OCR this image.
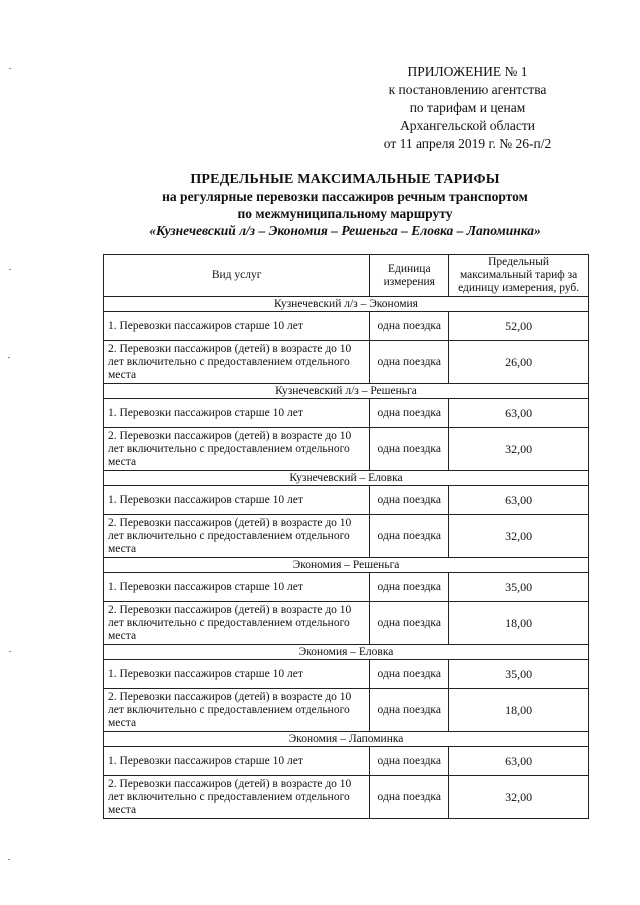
ПРИЛОЖЕНИЕ № 1
к постановлению агентства
по тарифам и ценам
Архангельской области
от 11 апреля 2019 г. № 26-п/2
ПРЕДЕЛЬНЫЕ МАКСИМАЛЬНЫЕ ТАРИФЫ
на регулярные перевозки пассажиров речным транспортом
по межмуниципальному маршруту
«Кузнечевский л/з – Экономия – Решеньга – Еловка – Лапоминка»
Вид услуг	Единица измерения	Предельный максимальный тариф за единицу измерения, руб.
Кузнечевский л/з – Экономия		
1. Перевозки пассажиров старше 10 лет	одна поездка	52,00
2. Перевозки пассажиров (детей) в возрасте до 10 лет включительно с предоставлением отдельного места	одна поездка	26,00
Кузнечевский л/з – Решеньга		
1. Перевозки пассажиров старше 10 лет	одна поездка	63,00
2. Перевозки пассажиров (детей) в возрасте до 10 лет включительно с предоставлением отдельного места	одна поездка	32,00
Кузнечевский – Еловка		
1. Перевозки пассажиров старше 10 лет	одна поездка	63,00
2. Перевозки пассажиров (детей) в возрасте до 10 лет включительно с предоставлением отдельного места	одна поездка	32,00
Экономия – Решеньга		
1. Перевозки пассажиров старше 10 лет	одна поездка	35,00
2. Перевозки пассажиров (детей) в возрасте до 10 лет включительно с предоставлением отдельного места	одна поездка	18,00
Экономия – Еловка		
1. Перевозки пассажиров старше 10 лет	одна поездка	35,00
2. Перевозки пассажиров (детей) в возрасте до 10 лет включительно с предоставлением отдельного места	одна поездка	18,00
Экономия – Лапоминка		
1. Перевозки пассажиров старше 10 лет	одна поездка	63,00
2. Перевозки пассажиров (детей) в возрасте до 10 лет включительно с предоставлением отдельного места	одна поездка	32,00
